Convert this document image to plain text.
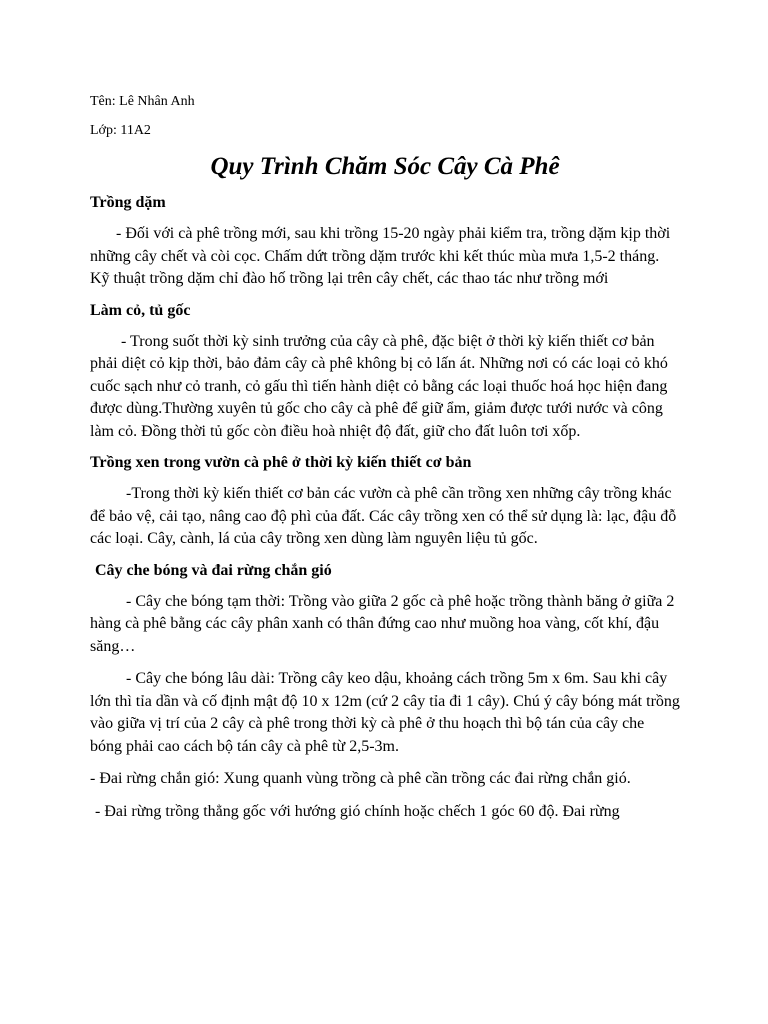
Tên: Lê Nhân Anh
Lớp: 11A2
Quy Trình Chăm Sóc Cây Cà Phê
Trồng dặm

- Đối với cà phê trồng mới, sau khi trồng 15-20 ngày phải kiểm tra, trồng dặm kịp thời những cây chết và còi cọc. Chấm dứt trồng dặm trước khi kết thúc mùa mưa 1,5-2 tháng. Kỹ thuật trồng dặm chỉ đào hố trồng lại trên cây chết, các thao tác như trồng mới

Làm cỏ, tủ gốc

- Trong suốt thời kỳ sinh trưởng của cây cà phê, đặc biệt ở thời kỳ kiến thiết cơ bản phải diệt cỏ kịp thời, bảo đảm cây cà phê không bị cỏ lấn át. Những nơi có các loại cỏ khó cuốc sạch như cỏ tranh, cỏ gấu thì tiến hành diệt cỏ bằng các loại thuốc hoá học hiện đang được dùng.Thường xuyên tủ gốc cho cây cà phê để giữ ẩm, giảm được tưới nước và công làm cỏ. Đồng thời tủ gốc còn điều hoà nhiệt độ đất, giữ cho đất luôn tơi xốp.

Trồng xen trong vườn cà phê ở thời kỳ kiến thiết cơ bản

-Trong thời kỳ kiến thiết cơ bản các vườn cà phê cần trồng xen những cây trồng khác để bảo vệ, cải tạo, nâng cao độ phì của đất. Các cây trồng xen có thể sử dụng là: lạc, đậu đỗ các loại. Cây, cành, lá của cây trồng xen dùng làm nguyên liệu tủ gốc.

Cây che bóng và đai rừng chắn gió

- Cây che bóng tạm thời: Trồng vào giữa 2 gốc cà phê hoặc trồng thành băng ở giữa 2 hàng cà phê bằng các cây phân xanh có thân đứng cao như muồng hoa vàng, cốt khí, đậu săng…

- Cây che bóng lâu dài: Trồng cây keo dậu, khoảng cách trồng 5m x 6m. Sau khi cây lớn thì tỉa dần và cố định mật độ 10 x 12m (cứ 2 cây tỉa đi 1 cây). Chú ý cây bóng mát trồng vào giữa vị trí của 2 cây cà phê trong thời kỳ cà phê ở thu hoạch thì bộ tán của cây che bóng phải cao cách bộ tán cây cà phê từ 2,5-3m.

- Đai rừng chắn gió: Xung quanh vùng trồng cà phê cần trồng các đai rừng chắn gió.

- Đai rừng trồng thẳng gốc với hướng gió chính hoặc chếch 1 góc 60 độ. Đai rừng
